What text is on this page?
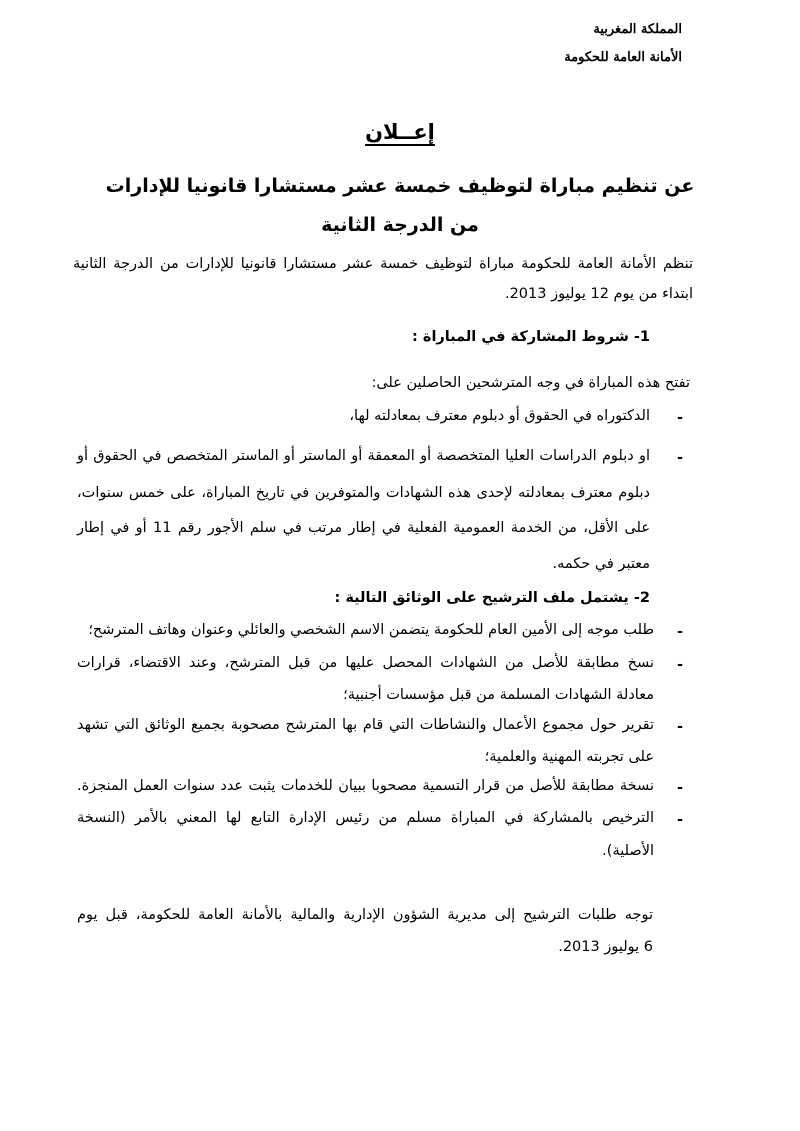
المملكة المغربية
الأمانة العامة للحكومة
إعــلان
عن تنظيم مباراة لتوظيف خمسة عشر مستشارا قانونيا للإدارات
من الدرجة الثانية
تنظم الأمانة العامة للحكومة مباراة لتوظيف خمسة عشر مستشارا قانونيا للإدارات من الدرجة الثانية
ابتداء من يوم 12 يوليوز 2013.
1- شروط المشاركة في المباراة :
تفتح هذه المباراة في وجه المترشحين الحاصلين على:
-
الدكتوراه في الحقوق أو دبلوم معترف بمعادلته لها،
-
او دبلوم الدراسات العليا المتخصصة أو المعمقة أو الماستر أو الماستر المتخصص في الحقوق أو
دبلوم معترف بمعادلته لإحدى هذه الشهادات والمتوفرين في تاريخ المباراة، على خمس سنوات،
على الأقل، من الخدمة العمومية الفعلية في إطار مرتب في سلم الأجور رقم 11 أو في إطار
معتبر في حكمه.
2- يشتمل ملف الترشيح على الوثائق التالية :
-
طلب موجه إلى الأمين العام للحكومة يتضمن الاسم الشخصي والعائلي وعنوان وهاتف المترشح؛
-
نسخ مطابقة للأصل من الشهادات المحصل عليها من قبل المترشح، وعند الاقتضاء، قرارات
معادلة الشهادات المسلمة من قبل مؤسسات أجنبية؛
-
تقرير حول مجموع الأعمال والنشاطات التي قام بها المترشح مصحوبة بجميع الوثائق التي تشهد
على تجربته المهنية والعلمية؛
-
نسخة مطابقة للأصل من قرار التسمية مصحوبا ببيان للخدمات يثبت عدد سنوات العمل المنجزة.
-
الترخيص بالمشاركة في المباراة مسلم من رئيس الإدارة التابع لها المعني بالأمر (النسخة
الأصلية).
توجه طلبات الترشيح إلى مديرية الشؤون الإدارية والمالية بالأمانة العامة للحكومة، قبل يوم
6 يوليوز 2013.
